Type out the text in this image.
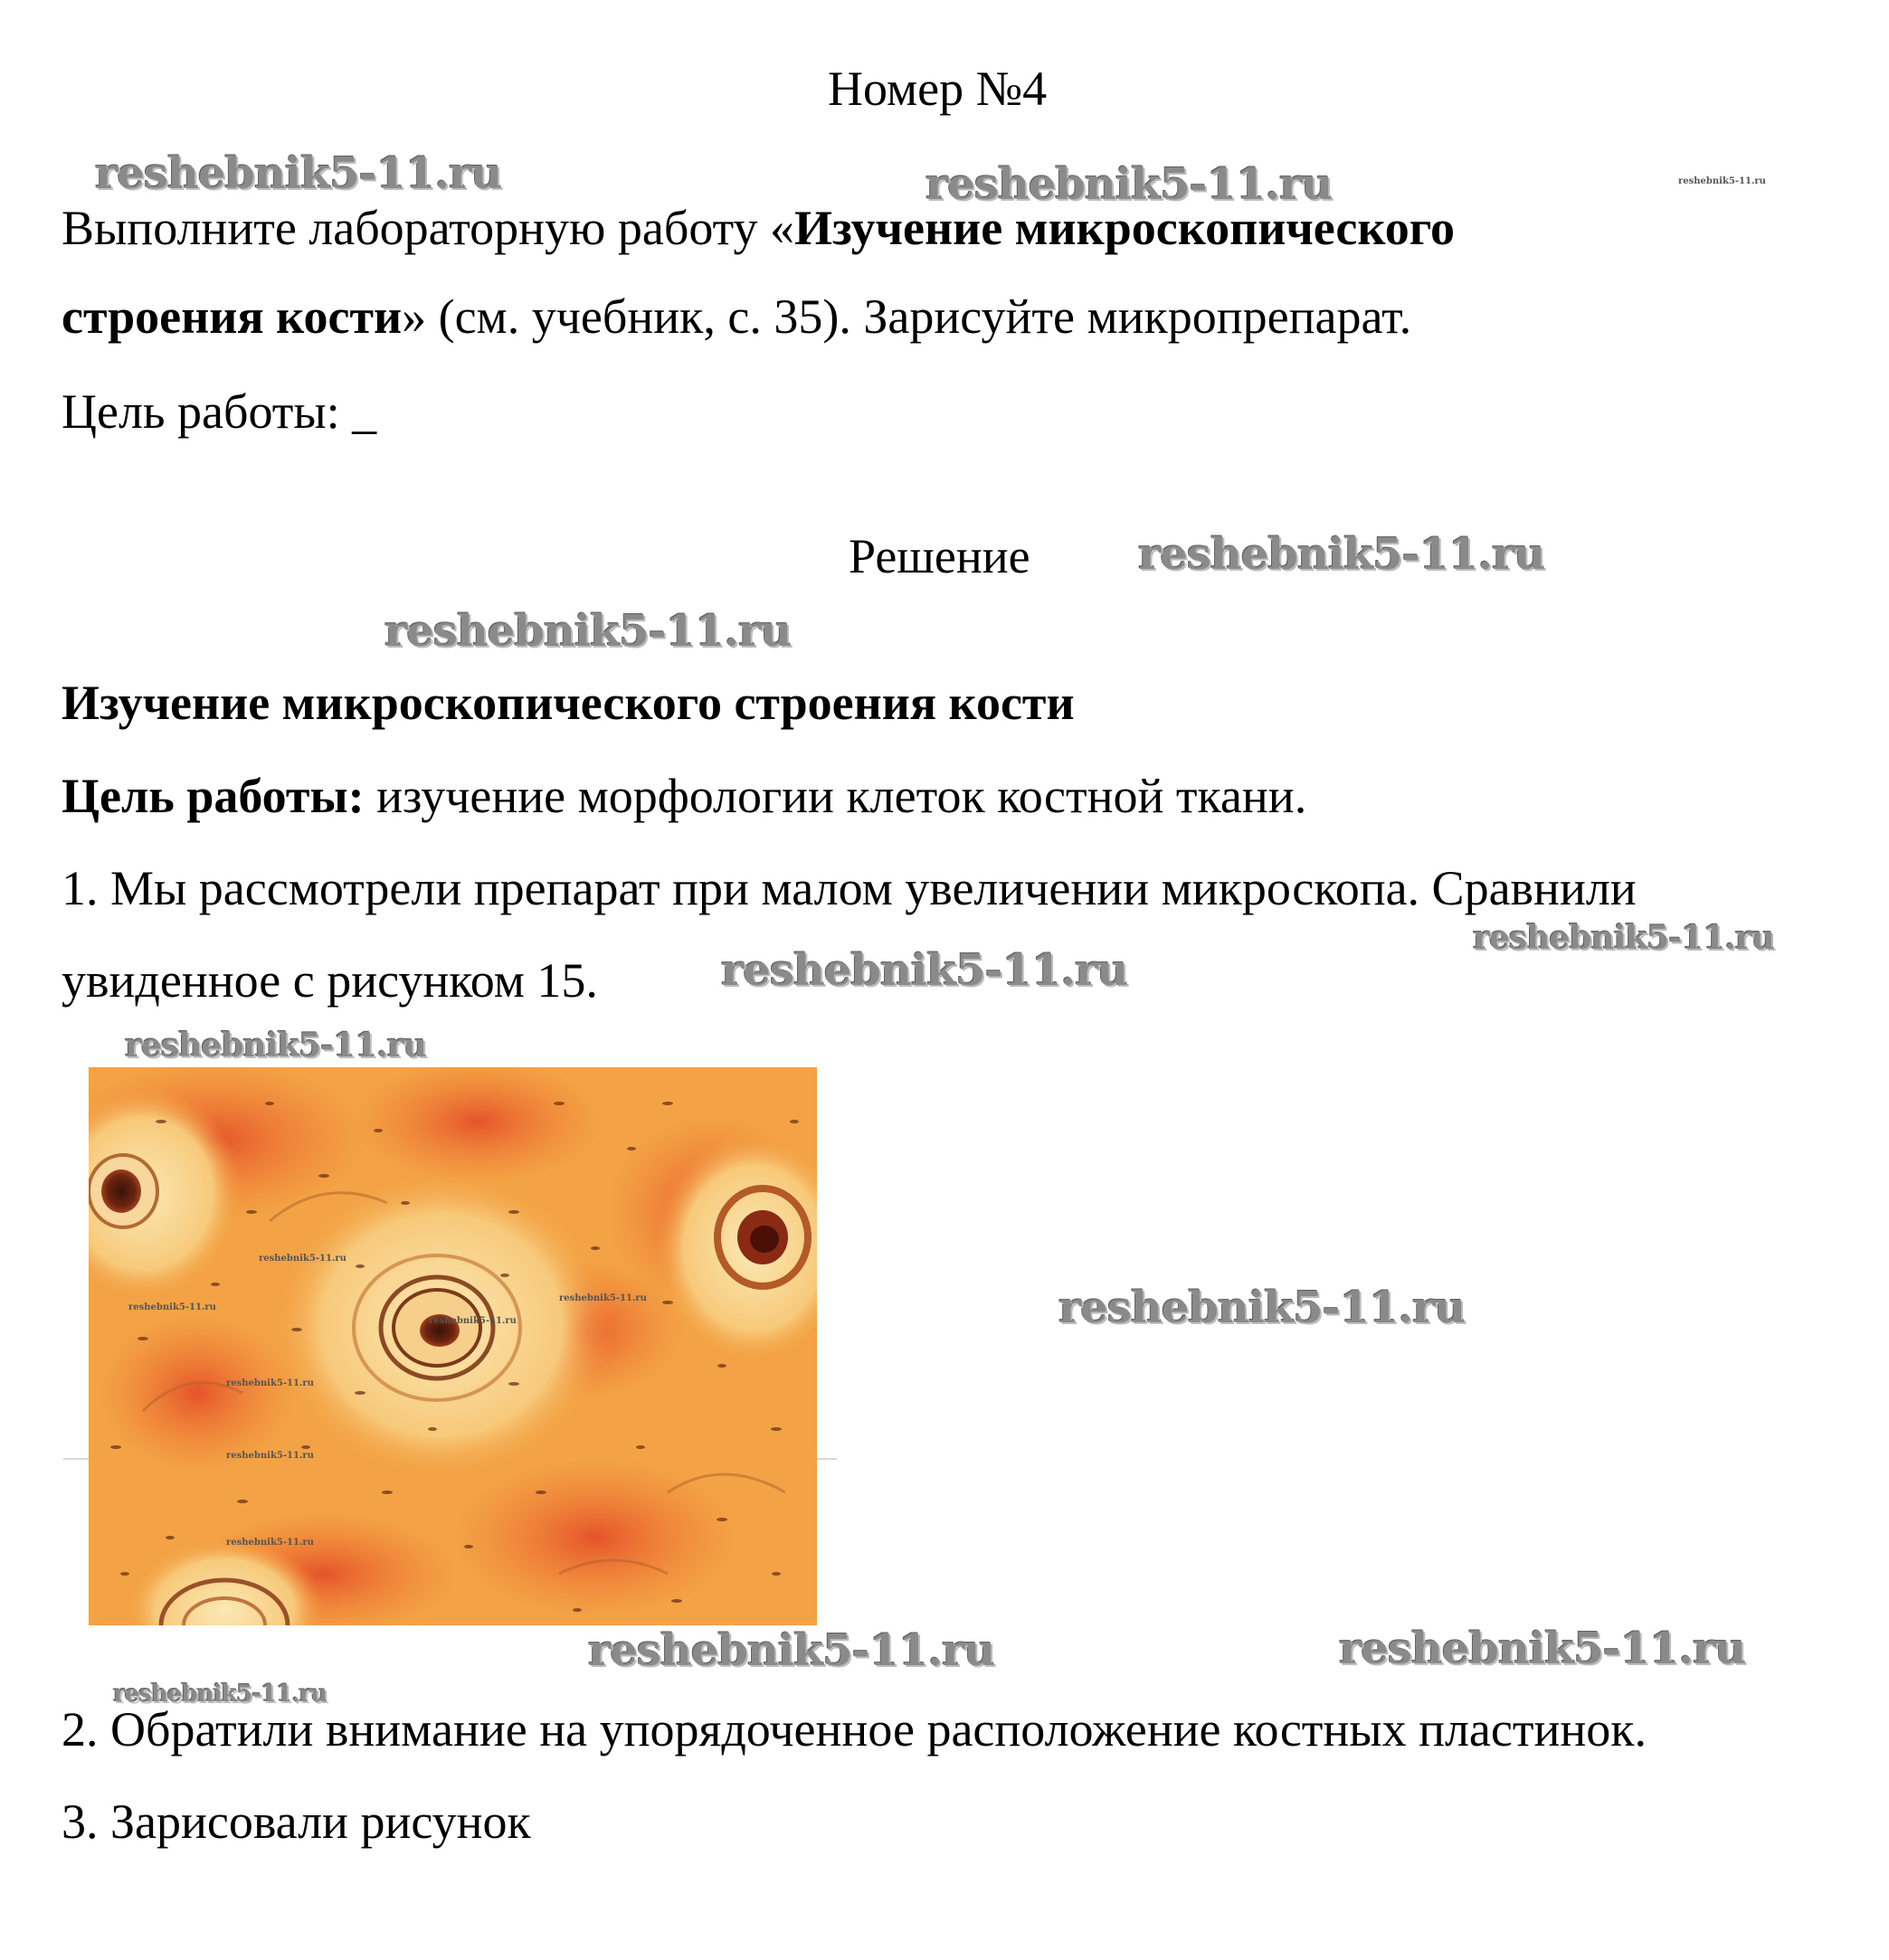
Номер №4
reshebnik5-11.ru	reshebnik5-11.ru	reshebnik5-11.ru
Выполните лабораторную работу «Изучение микроскопического
строения кости» (см. учебник, с. 35). Зарисуйте микропрепарат.
Цель работы: _
Решение reshebnik5-11.ru
reshebnik5-11.ru
Изучение микроскопического строения кости
Цель работы: изучение морфологии клеток костной ткани.
1. Мы рассмотрели препарат при малом увеличении микроскопа. Сравнили
reshebnik5-11.ru
увиденное с рисунком 15.	reshebnik5-11.ru
reshebnik5-11.ru
reshebnik5-11.ru
reshebnik5-11.ru
reshebnik5-11.ru
reshebnik5-11.ru
reshebnik5-11.ru
reshebnik5-11.ru
reshebnik5-11.ru
reshebnik5-11.ru
reshebnik5-11.ru	reshebnik5-11.ru
reshebnik5-11.ru
2. Обратили внимание на упорядоченное расположение костных пластинок.
3. Зарисовали рисунок
